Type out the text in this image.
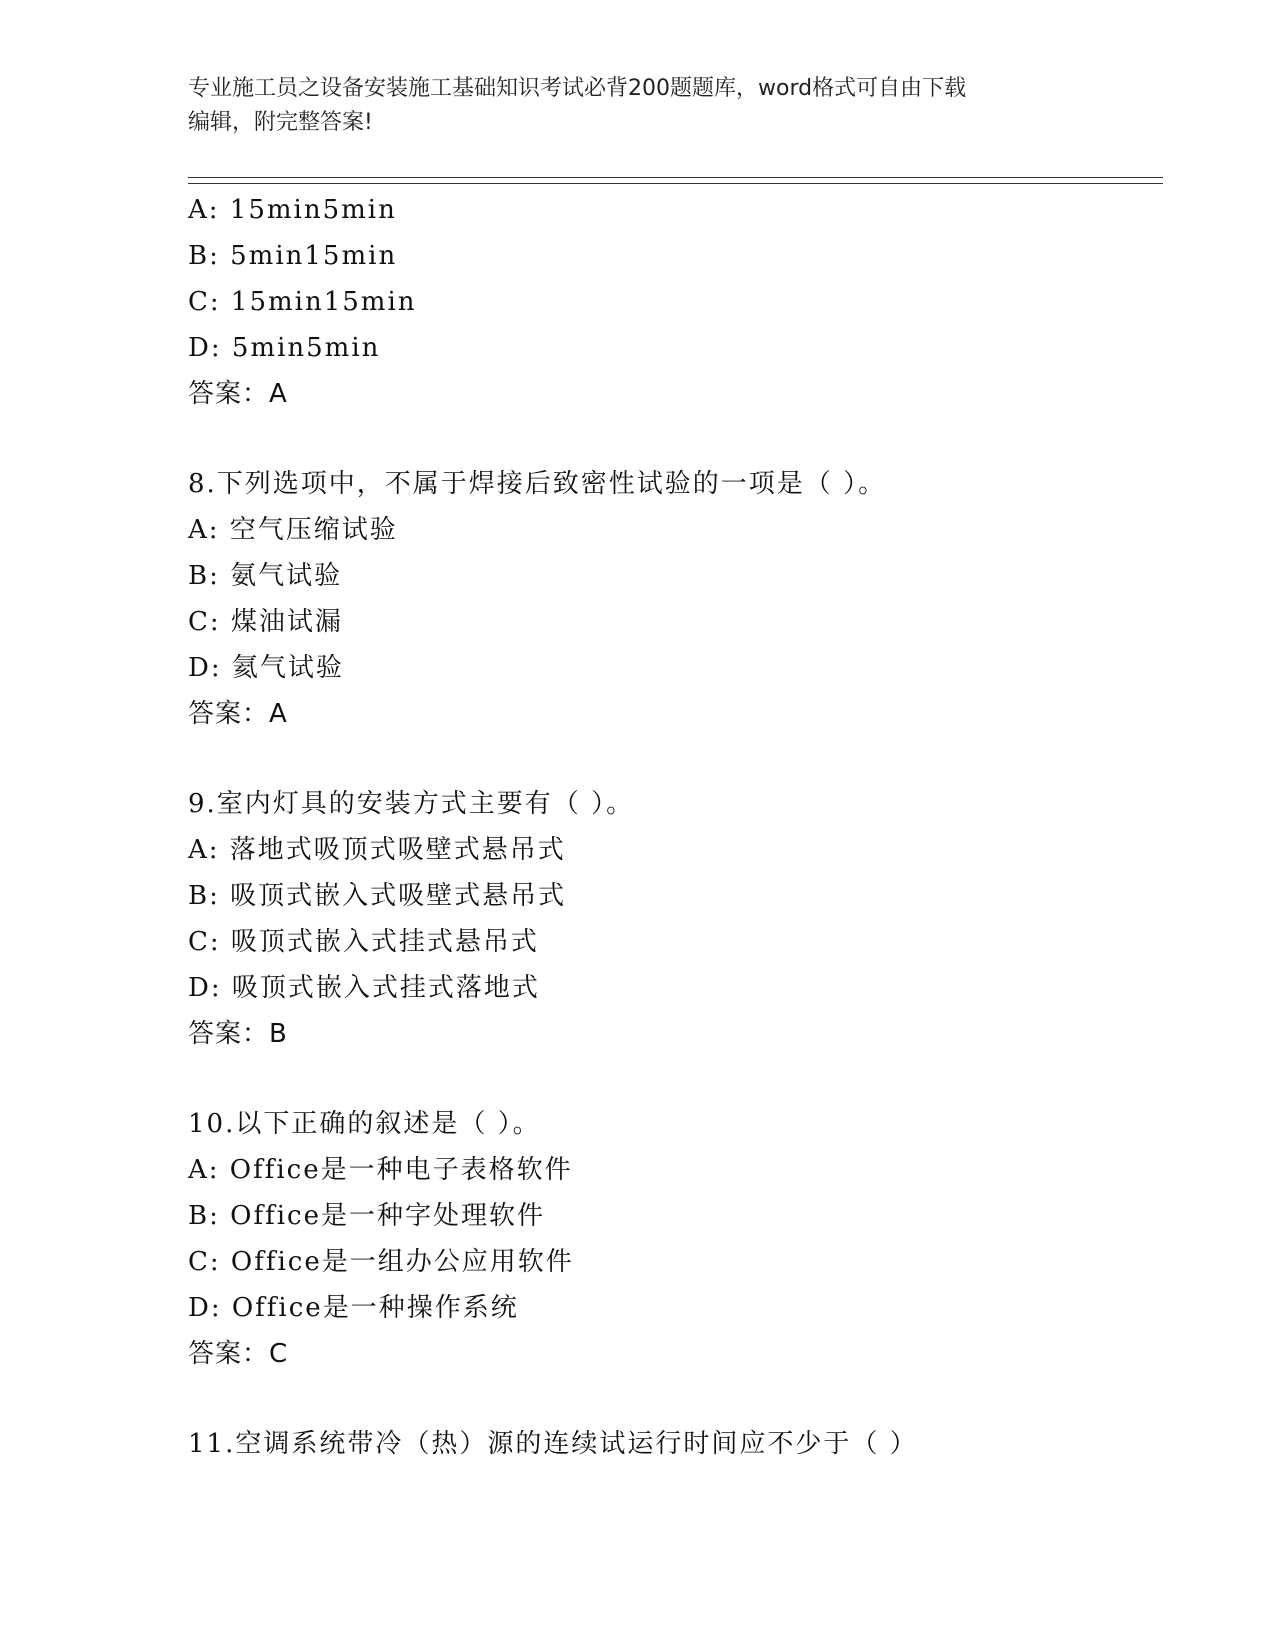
专业施工员之设备安装施工基础知识考试必背200题题库，word格式可自由下载
编辑，附完整答案!
A: 15min5min
B: 5min15min
C: 15min15min
D: 5min5min
答案：A
8.下列选项中，不属于焊接后致密性试验的一项是（ ）。
A: 空气压缩试验
B: 氨气试验
C: 煤油试漏
D: 氦气试验
答案：A
9.室内灯具的安装方式主要有（ ）。
A: 落地式吸顶式吸壁式悬吊式
B: 吸顶式嵌入式吸壁式悬吊式
C: 吸顶式嵌入式挂式悬吊式
D: 吸顶式嵌入式挂式落地式
答案：B
10.以下正确的叙述是（ ）。
A: Office是一种电子表格软件
B: Office是一种字处理软件
C: Office是一组办公应用软件
D: Office是一种操作系统
答案：C
11.空调系统带冷（热）源的连续试运行时间应不少于（ ）
